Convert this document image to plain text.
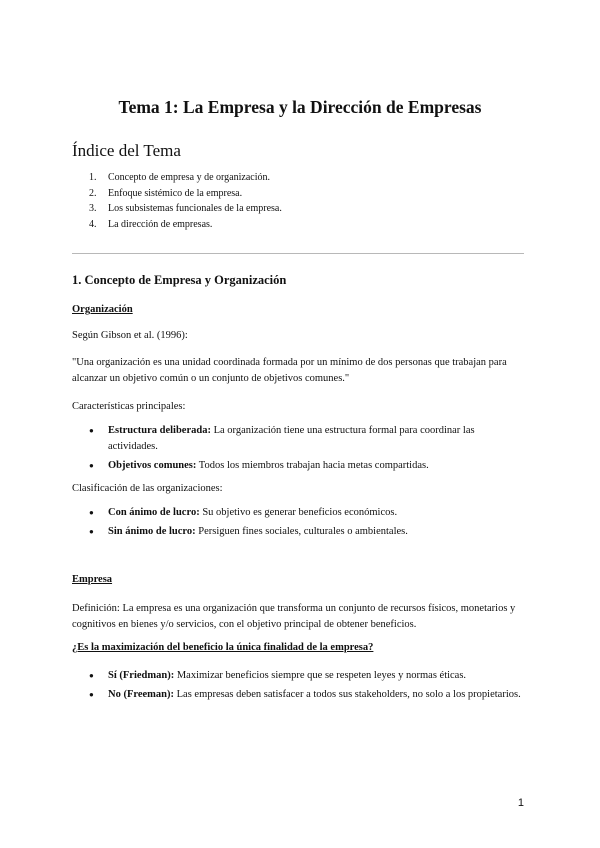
Tema 1: La Empresa y la Dirección de Empresas
Índice del Tema
1. Concepto de empresa y de organización.
2. Enfoque sistémico de la empresa.
3. Los subsistemas funcionales de la empresa.
4. La dirección de empresas.
1. Concepto de Empresa y Organización
Organización

Según Gibson et al. (1996):

"Una organización es una unidad coordinada formada por un mínimo de dos personas que trabajan para alcanzar un objetivo común o un conjunto de objetivos comunes."

Características principales:

● Estructura deliberada: La organización tiene una estructura formal para coordinar las actividades.
● Objetivos comunes: Todos los miembros trabajan hacia metas compartidas.

Clasificación de las organizaciones:

● Con ánimo de lucro: Su objetivo es generar beneficios económicos.
● Sin ánimo de lucro: Persiguen fines sociales, culturales o ambientales.
Empresa

Definición: La empresa es una organización que transforma un conjunto de recursos físicos, monetarios y cognitivos en bienes y/o servicios, con el objetivo principal de obtener beneficios.

¿Es la maximización del beneficio la única finalidad de la empresa?

● Sí (Friedman): Maximizar beneficios siempre que se respeten leyes y normas éticas.
● No (Freeman): Las empresas deben satisfacer a todos sus stakeholders, no solo a los propietarios.
1
